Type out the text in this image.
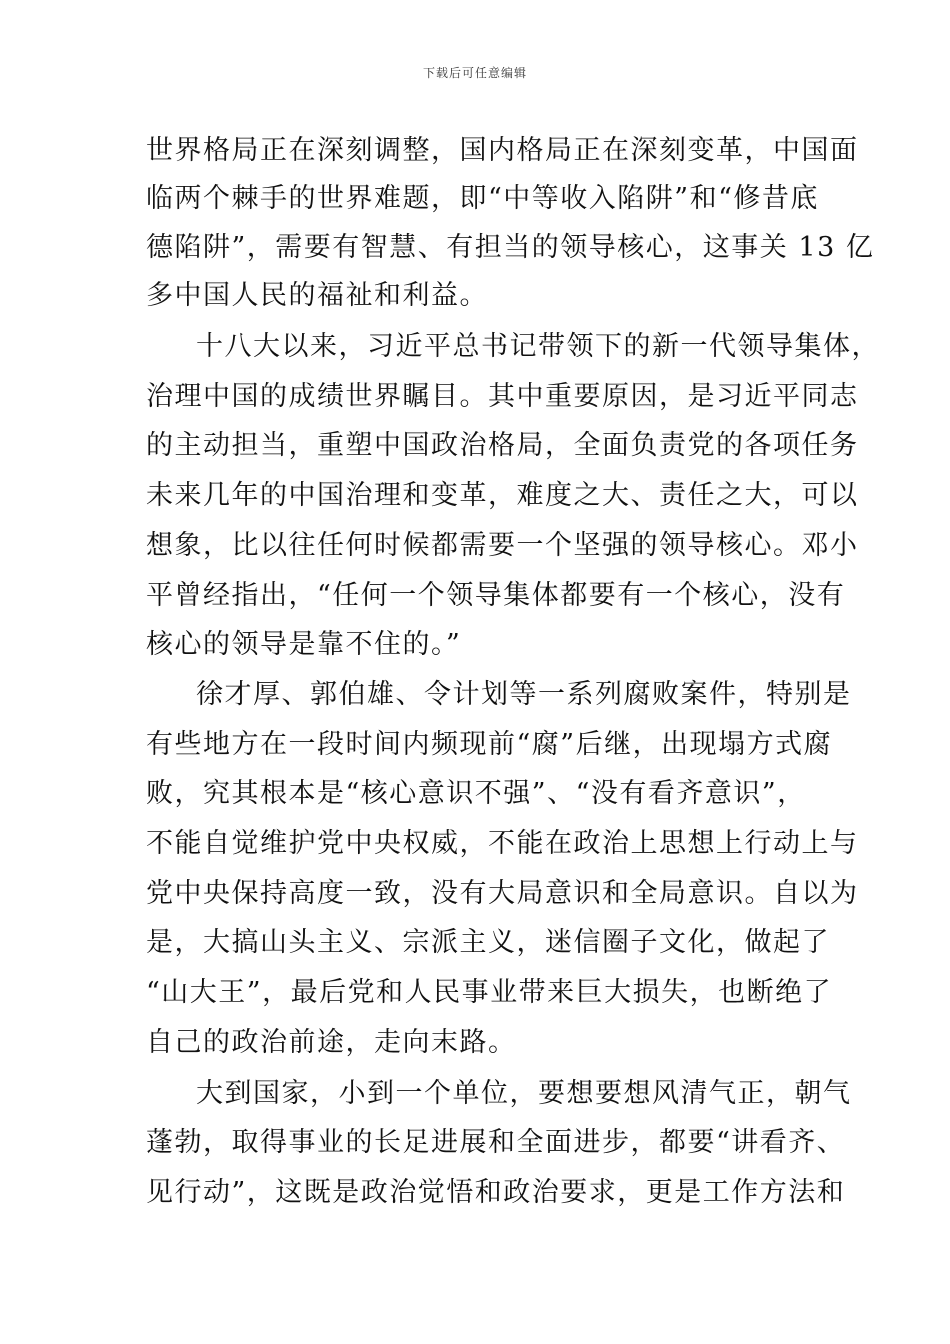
下载后可任意编辑
世界格局正在深刻调整，国内格局正在深刻变革，中国面
临两个棘手的世界难题，即“中等收入陷阱”和“修昔底
德陷阱”，需要有智慧、有担当的领导核心，这事关 13 亿
多中国人民的福祉和利益。
十八大以来，习近平总书记带领下的新一代领导集体，
治理中国的成绩世界瞩目。其中重要原因，是习近平同志
的主动担当，重塑中国政治格局，全面负责党的各项任务
未来几年的中国治理和变革，难度之大、责任之大，可以
想象，比以往任何时候都需要一个坚强的领导核心。邓小
平曾经指出，“任何一个领导集体都要有一个核心，没有
核心的领导是靠不住的。”
徐才厚、郭伯雄、令计划等一系列腐败案件，特别是
有些地方在一段时间内频现前“腐”后继，出现塌方式腐
败，究其根本是“核心意识不强”、“没有看齐意识”，
不能自觉维护党中央权威，不能在政治上思想上行动上与
党中央保持高度一致，没有大局意识和全局意识。自以为
是，大搞山头主义、宗派主义，迷信圈子文化，做起了
“山大王”，最后党和人民事业带来巨大损失，也断绝了
自己的政治前途，走向末路。
大到国家，小到一个单位，要想要想风清气正，朝气
蓬勃，取得事业的长足进展和全面进步，都要“讲看齐、
见行动”，这既是政治觉悟和政治要求，更是工作方法和
